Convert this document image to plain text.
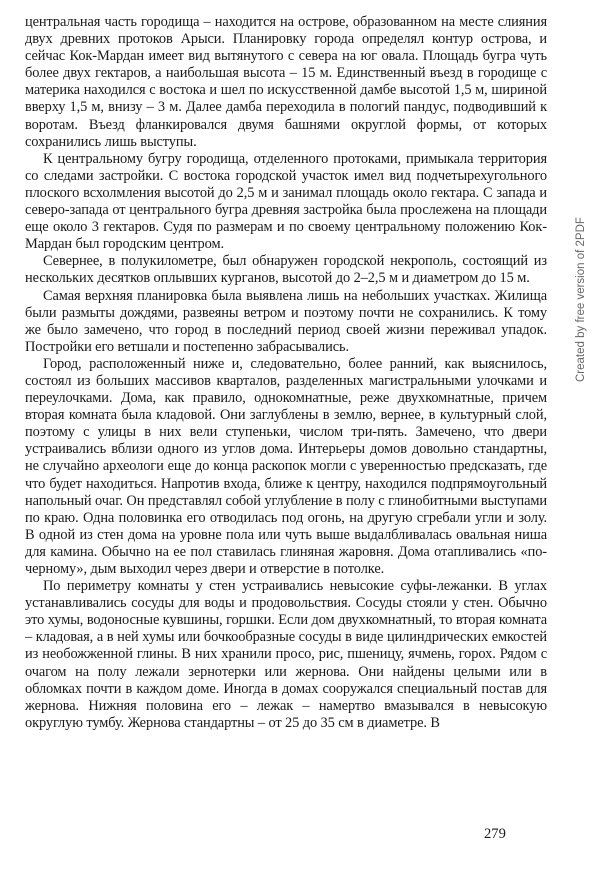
центральная часть городища – находится на острове, образованном на месте слияния двух древних протоков Арыси. Планировку города определял контур острова, и сейчас Кок-Мардан имеет вид вытянутого с севера на юг овала. Площадь бугра чуть более двух гектаров, а наибольшая высота – 15 м. Единственный въезд в городище с материка находился с востока и шел по искусственной дамбе высотой 1,5 м, шириной вверху 1,5 м, внизу – 3 м. Далее дамба переходила в пологий пандус, подводивший к воротам. Въезд фланкировался двумя башнями округлой формы, от которых сохранились лишь выступы.

К центральному бугру городища, отделенного протоками, примыкала территория со следами застройки. С востока городской участок имел вид подчетырехугольного плоского всхолмления высотой до 2,5 м и занимал площадь около гектара. С запада и северо-запада от центрального бугра древняя застройка была прослежена на площади еще около 3 гектаров. Судя по размерам и по своему центральному положению Кок-Мардан был городским центром.

Севернее, в полукилометре, был обнаружен городской некрополь, состоящий из нескольких десятков оплывших курганов, высотой до 2–2,5 м и диаметром до 15 м.

Самая верхняя планировка была выявлена лишь на небольших участках. Жилища были размыты дождями, развеяны ветром и поэтому почти не сохранились. К тому же было замечено, что город в последний период своей жизни переживал упадок. Постройки его ветшали и постепенно забрасывались.

Город, расположенный ниже и, следовательно, более ранний, как выяснилось, состоял из больших массивов кварталов, разделенных магистральными улочками и переулочками. Дома, как правило, однокомнатные, реже двухкомнатные, причем вторая комната была кладовой. Они заглублены в землю, вернее, в культурный слой, поэтому с улицы в них вели ступеньки, числом три-пять. Замечено, что двери устраивались вблизи одного из углов дома. Интерьеры домов довольно стандартны, не случайно археологи еще до конца раскопок могли с уверенностью предсказать, где что будет находиться. Напротив входа, ближе к центру, находился подпрямоугольный напольный очаг. Он представлял собой углубление в полу с глинобитными выступами по краю. Одна половинка его отводилась под огонь, на другую сгребали угли и золу. В одной из стен дома на уровне пола или чуть выше выдалбливалась овальная ниша для камина. Обычно на ее пол ставилась глиняная жаровня. Дома отапливались «по-черному», дым выходил через двери и отверстие в потолке.

По периметру комнаты у стен устраивались невысокие суфы-лежанки. В углах устанавливались сосуды для воды и продовольствия. Сосуды стояли у стен. Обычно это хумы, водоносные кувшины, горшки. Если дом двухкомнатный, то вторая комната – кладовая, а в ней хумы или бочкообразные сосуды в виде цилиндрических емкостей из необожженной глины. В них хранили просо, рис, пшеницу, ячмень, горох. Рядом с очагом на полу лежали зернотерки или жернова. Они найдены целыми или в обломках почти в каждом доме. Иногда в домах сооружался специальный постав для жернова. Нижняя половина его – лежак – намертво вмазывался в невысокую округлую тумбу. Жернова стандартны – от 25 до 35 см в диаметре. В

279
Created by free version of 2PDF
